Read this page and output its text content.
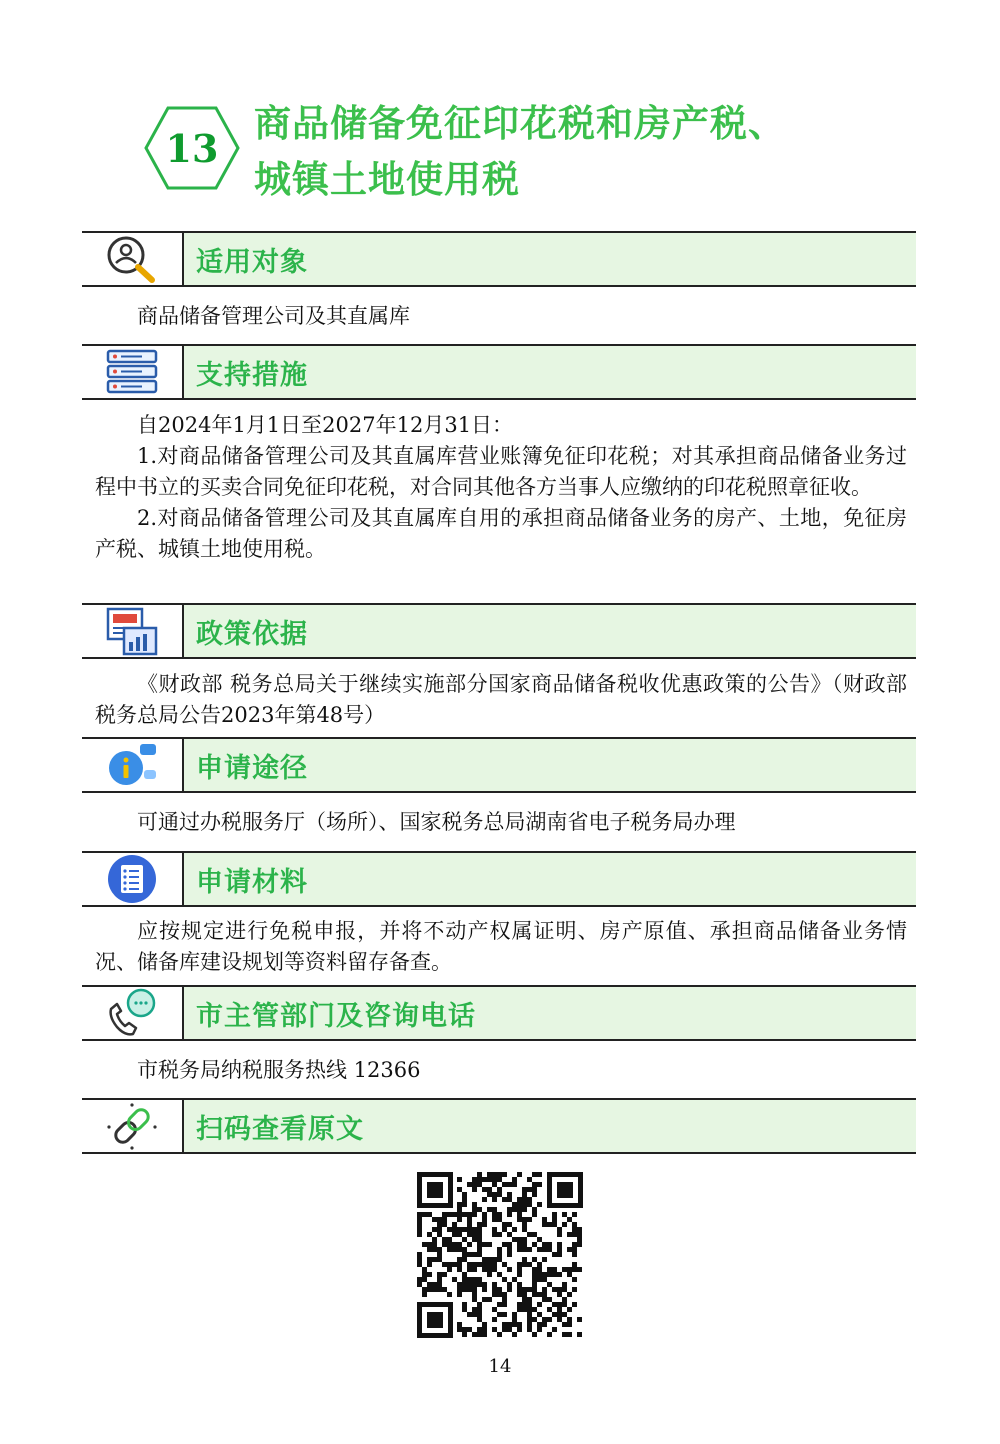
13
商品储备免征印花税和房产税、
城镇土地使用税
适用对象

商品储备管理公司及其直属库

支持措施

自2024年1月1日至2027年12月31日：

1.对商品储备管理公司及其直属库营业账簿免征印花税；对其承担商品储备业务过程中书立的买卖合同免征印花税，对合同其他各方当事人应缴纳的印花税照章征收。

2.对商品储备管理公司及其直属库自用的承担商品储备业务的房产、土地，免征房产税、城镇土地使用税。

政策依据

《财政部 税务总局关于继续实施部分国家商品储备税收优惠政策的公告》（财政部 税务总局公告2023年第48号）

申请途径

可通过办税服务厅（场所）、国家税务总局湖南省电子税务局办理

申请材料

应按规定进行免税申报，并将不动产权属证明、房产原值、承担商品储备业务情况、储备库建设规划等资料留存备查。

市主管部门及咨询电话

市税务局纳税服务热线 12366

扫码查看原文
14
